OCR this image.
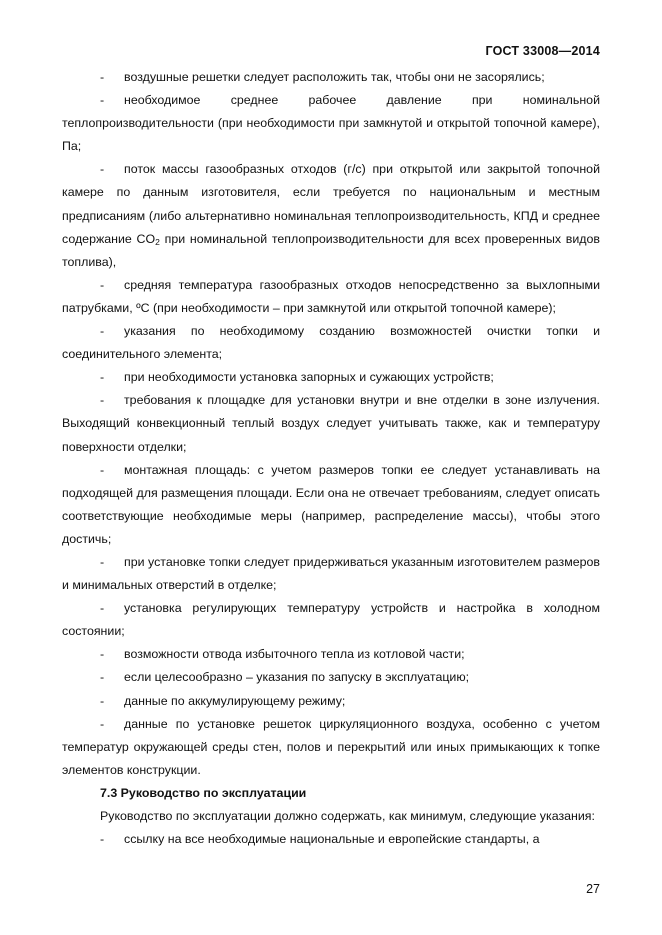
ГОСТ 33008—2014

- воздушные решетки следует расположить так, чтобы они не засорялись;

- необходимое среднее рабочее давление при номинальной теплопроизводительности (при необходимости при замкнутой и открытой топочной камере), Па;

- поток массы газообразных отходов (г/с) при открытой или закрытой топочной камере по данным изготовителя, если требуется по национальным и местным предписаниям (либо альтернативно номинальная теплопроизводительность, КПД и среднее содержание $CO_2$ при номинальной теплопроизводительности для всех проверенных видов топлива),

- средняя температура газообразных отходов непосредственно за выхлопными патрубками, ºС (при необходимости – при замкнутой или открытой топочной камере);

- указания по необходимому созданию возможностей очистки топки и соединительного элемента;

- при необходимости установка запорных и сужающих устройств;

- требования к площадке для установки внутри и вне отделки в зоне излучения. Выходящий конвекционный теплый воздух следует учитывать также, как и температуру поверхности отделки;

- монтажная площадь: с учетом размеров топки ее следует устанавливать на подходящей для размещения площади. Если она не отвечает требованиям, следует описать соответствующие необходимые меры (например, распределение массы), чтобы этого достичь;

- при установке топки следует придерживаться указанным изготовителем размеров и минимальных отверстий в отделке;

- установка регулирующих температуру устройств и настройка в холодном состоянии;

- возможности отвода избыточного тепла из котловой части;

- если целесообразно – указания по запуску в эксплуатацию;

- данные по аккумулирующему режиму;

- данные по установке решеток циркуляционного воздуха, особенно с учетом температур окружающей среды стен, полов и перекрытий или иных примыкающих к топке элементов конструкции.

7.3 Руководство по эксплуатации

Руководство по эксплуатации должно содержать, как минимум, следующие указания:

- ссылку на все необходимые национальные и европейские стандарты, а

27
